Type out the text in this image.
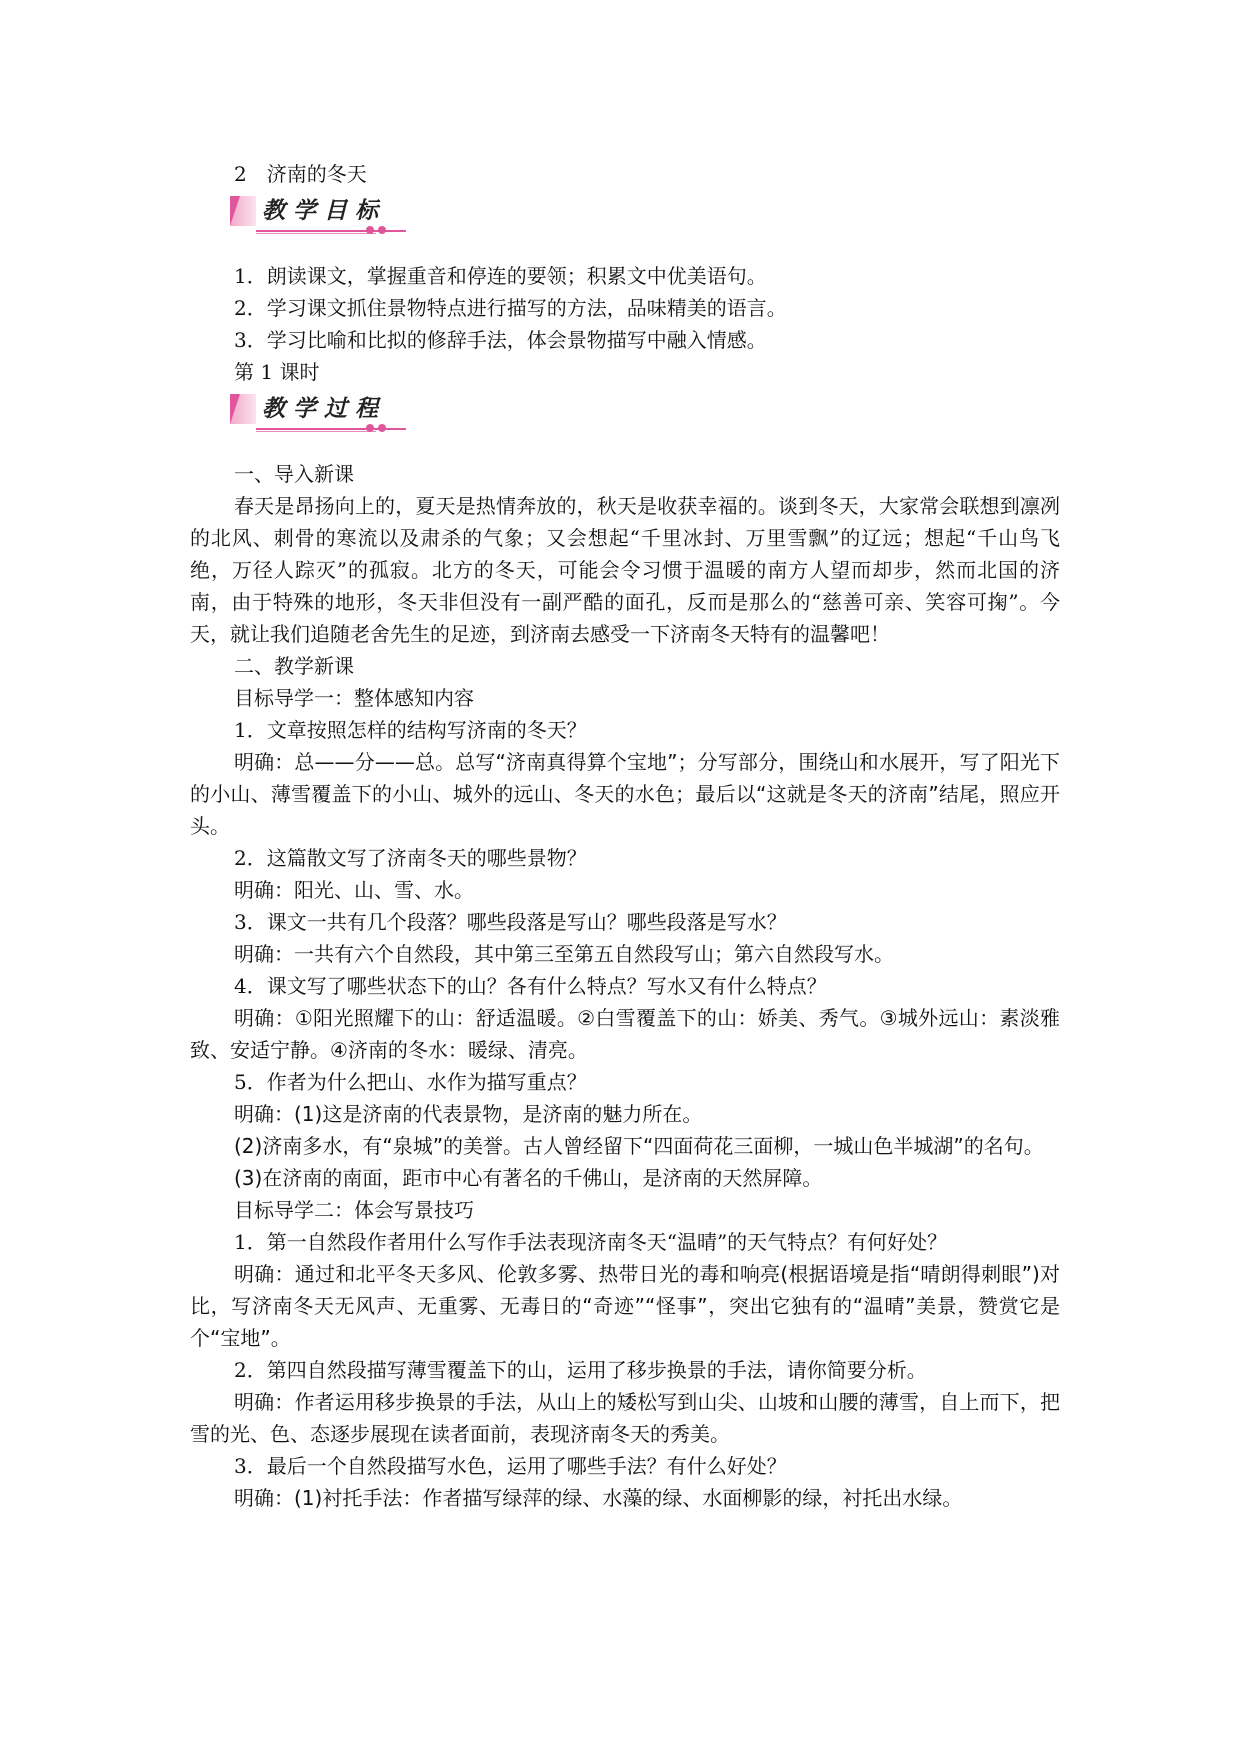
2　济南的冬天
教学目标
1．朗读课文，掌握重音和停连的要领；积累文中优美语句。
2．学习课文抓住景物特点进行描写的方法，品味精美的语言。
3．学习比喻和比拟的修辞手法，体会景物描写中融入情感。
第 1 课时
教学过程
一、导入新课

春天是昂扬向上的，夏天是热情奔放的，秋天是收获幸福的。谈到冬天，大家常会联想到凛冽的北风、刺骨的寒流以及肃杀的气象；又会想起“千里冰封、万里雪飘”的辽远；想起“千山鸟飞绝，万径人踪灭”的孤寂。北方的冬天，可能会令习惯于温暖的南方人望而却步，然而北国的济南，由于特殊的地形，冬天非但没有一副严酷的面孔，反而是那么的“慈善可亲、笑容可掬”。今天，就让我们追随老舍先生的足迹，到济南去感受一下济南冬天特有的温馨吧！

二、教学新课
目标导学一：整体感知内容
1．文章按照怎样的结构写济南的冬天？

明确：总——分——总。总写“济南真得算个宝地”；分写部分，围绕山和水展开，写了阳光下的小山、薄雪覆盖下的小山、城外的远山、冬天的水色；最后以“这就是冬天的济南”结尾，照应开头。

2．这篇散文写了济南冬天的哪些景物？

明确：阳光、山、雪、水。

3．课文一共有几个段落？哪些段落是写山？哪些段落是写水？

明确：一共有六个自然段，其中第三至第五自然段写山；第六自然段写水。

4．课文写了哪些状态下的山？各有什么特点？写水又有什么特点？

明确：①阳光照耀下的山：舒适温暖。②白雪覆盖下的山：娇美、秀气。③城外远山：素淡雅致、安适宁静。④济南的冬水：暖绿、清亮。

5．作者为什么把山、水作为描写重点？

明确：(1)这是济南的代表景物，是济南的魅力所在。

(2)济南多水，有“泉城”的美誉。古人曾经留下“四面荷花三面柳，一城山色半城湖”的名句。

(3)在济南的南面，距市中心有著名的千佛山，是济南的天然屏障。

目标导学二：体会写景技巧
1．第一自然段作者用什么写作手法表现济南冬天“温晴”的天气特点？有何好处？

明确：通过和北平冬天多风、伦敦多雾、热带日光的毒和响亮(根据语境是指“晴朗得刺眼”)对比，写济南冬天无风声、无重雾、无毒日的“奇迹”“怪事”，突出它独有的“温晴”美景，赞赏它是个“宝地”。

2．第四自然段描写薄雪覆盖下的山，运用了移步换景的手法，请你简要分析。

明确：作者运用移步换景的手法，从山上的矮松写到山尖、山坡和山腰的薄雪，自上而下，把雪的光、色、态逐步展现在读者面前，表现济南冬天的秀美。

3．最后一个自然段描写水色，运用了哪些手法？有什么好处？

明确：(1)衬托手法：作者描写绿萍的绿、水藻的绿、水面柳影的绿，衬托出水绿。
